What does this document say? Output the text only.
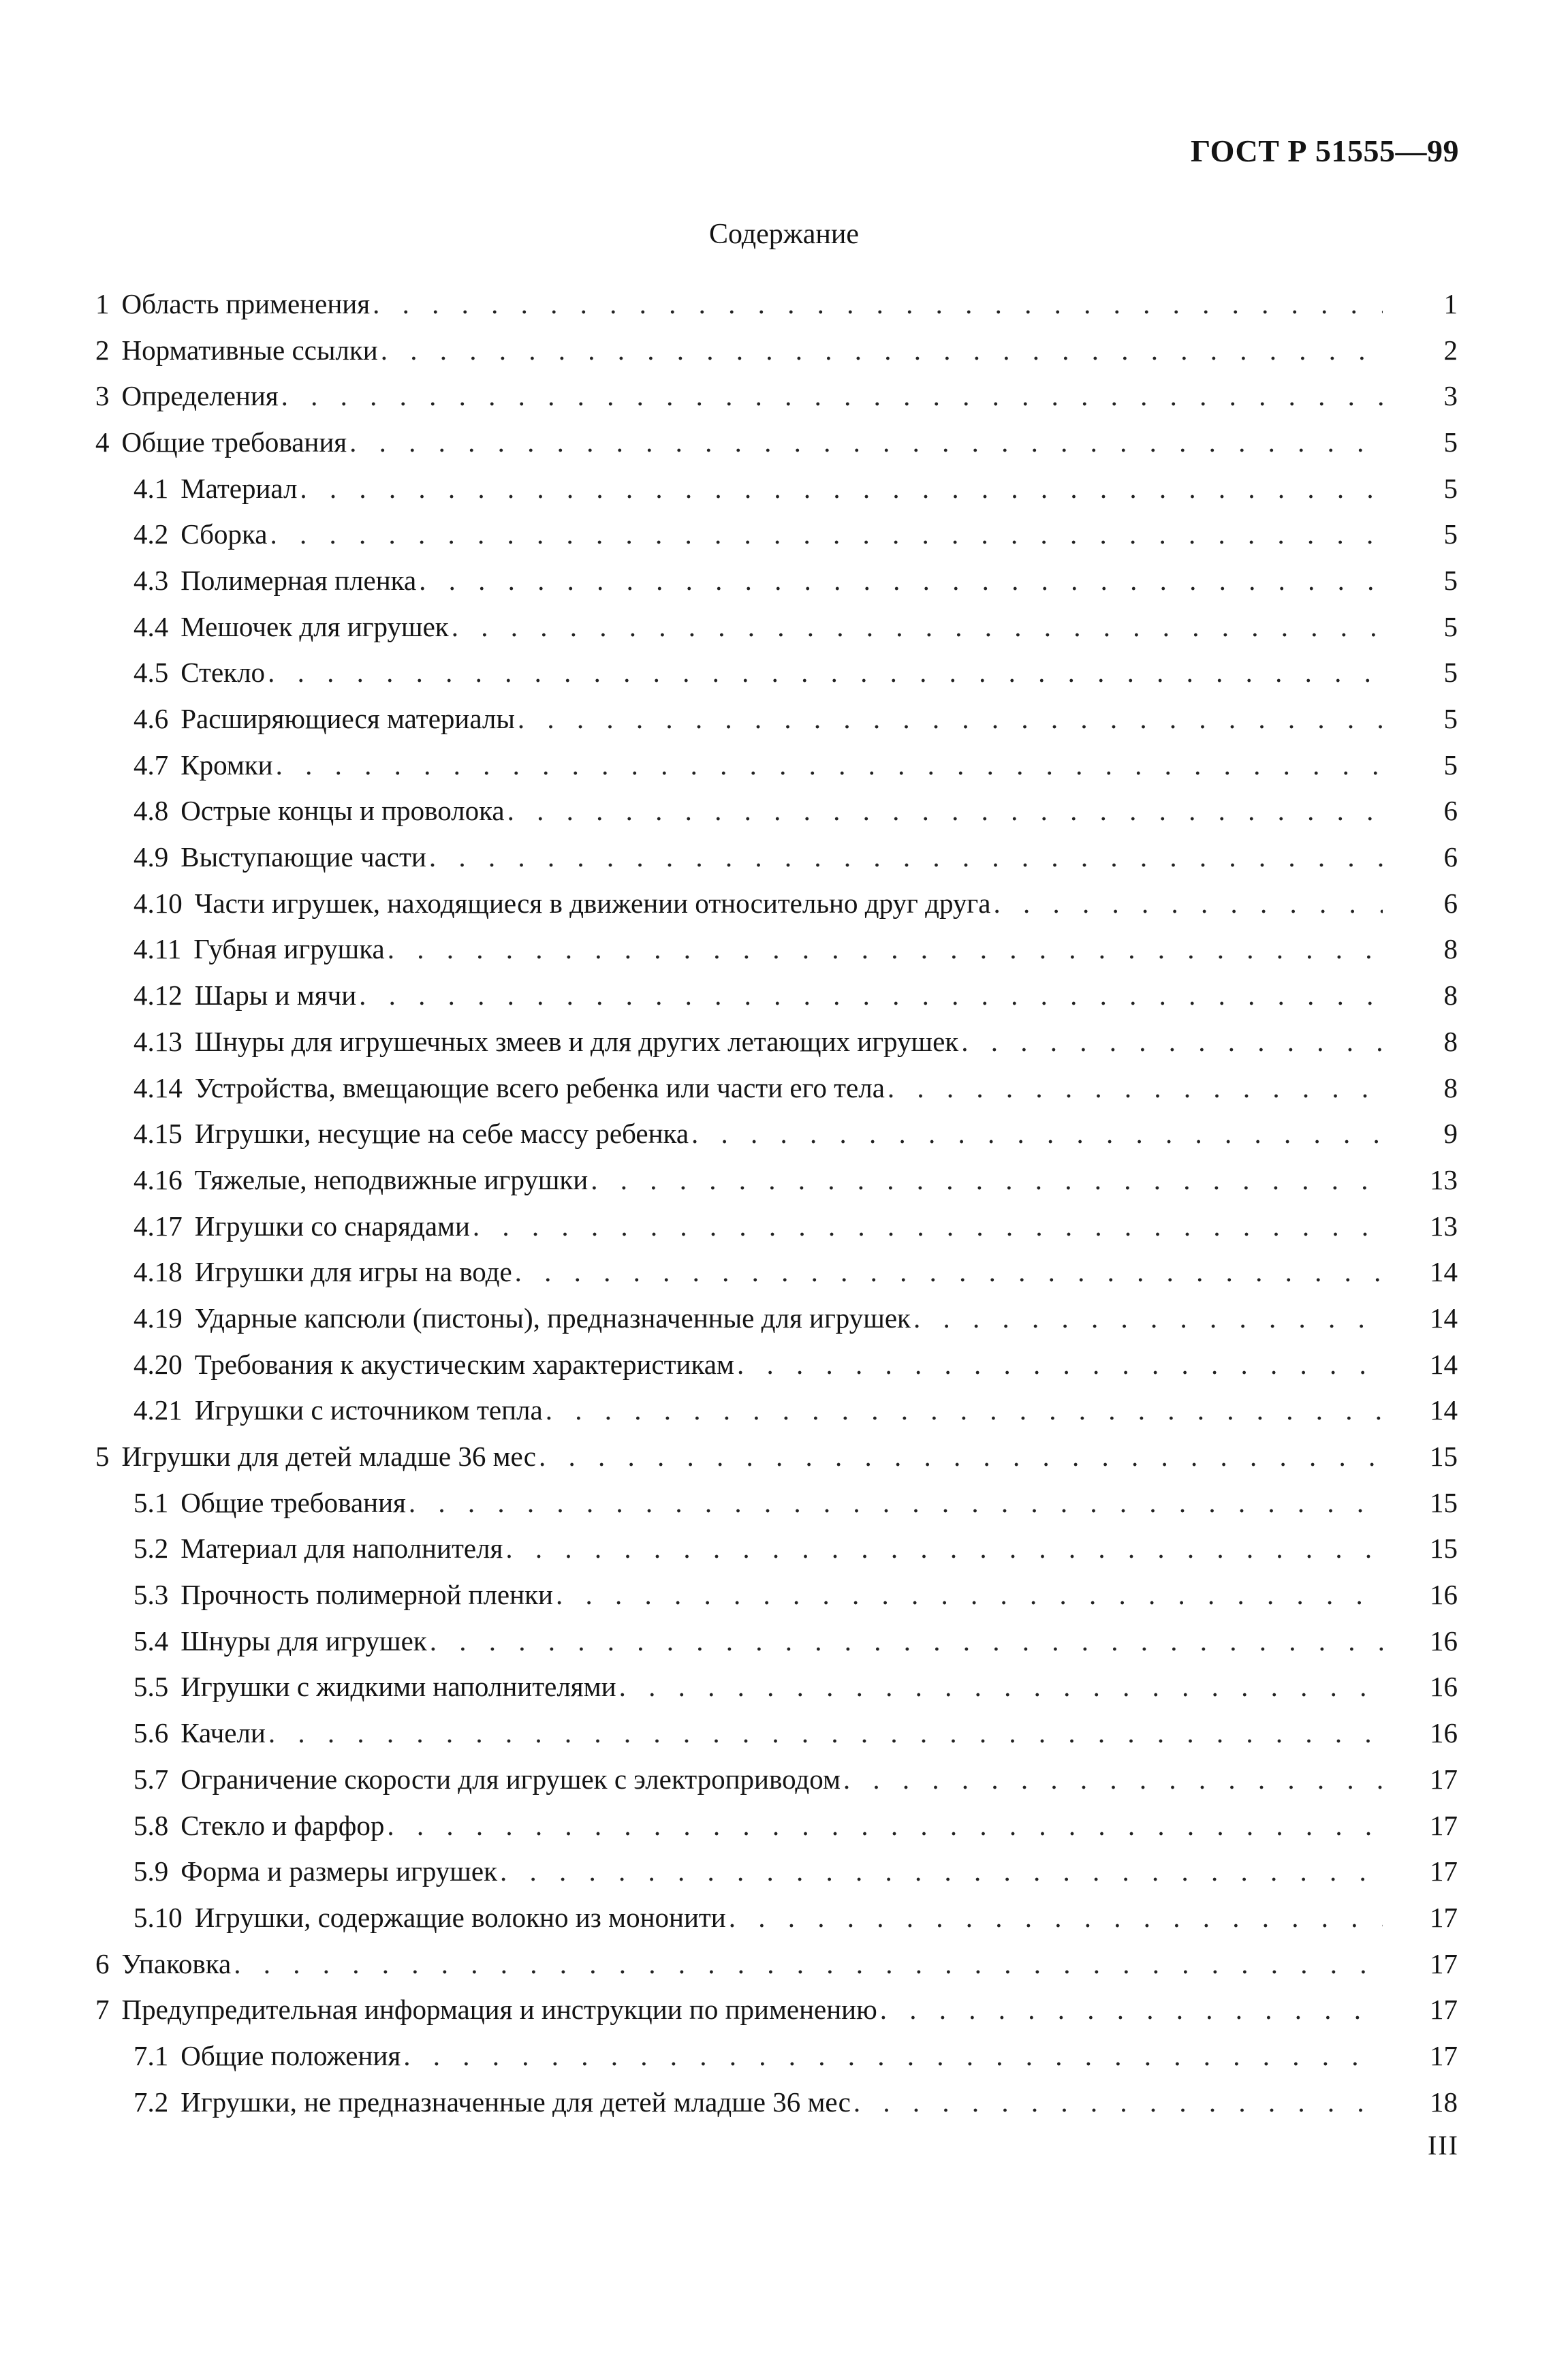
ГОСТ Р 51555—99
Содержание
1 Область применения . . .	1
2 Нормативные ссылки . . .	2
3 Определения . . .	3
4 Общие требования . . .	5
4.1 Материал . . .	5
4.2 Сборка . . .	5
4.3 Полимерная пленка . . .	5
4.4 Мешочек для игрушек . . .	5
4.5 Стекло . . .	5
4.6 Расширяющиеся материалы . . .	5
4.7 Кромки . . .	5
4.8 Острые концы и проволока . . .	6
4.9 Выступающие части . . .	6
4.10 Части игрушек, находящиеся в движении относительно друг друга . . .	6
4.11 Губная игрушка . . .	8
4.12 Шары и мячи . . .	8
4.13 Шнуры для игрушечных змеев и для других летающих игрушек . . .	8
4.14 Устройства, вмещающие всего ребенка или части его тела . . .	8
4.15 Игрушки, несущие на себе массу ребенка . . .	9
4.16 Тяжелые, неподвижные игрушки . . .	13
4.17 Игрушки со снарядами . . .	13
4.18 Игрушки для игры на воде . . .	14
4.19 Ударные капсюли (пистоны), предназначенные для игрушек . . .	14
4.20 Требования к акустическим характеристикам . . .	14
4.21 Игрушки с источником тепла . . .	14
5 Игрушки для детей младше 36 мес . . .	15
5.1 Общие требования . . .	15
5.2 Материал для наполнителя . . .	15
5.3 Прочность полимерной пленки . . .	16
5.4 Шнуры для игрушек . . .	16
5.5 Игрушки с жидкими наполнителями . . .	16
5.6 Качели . . .	16
5.7 Ограничение скорости для игрушек с электроприводом . . .	17
5.8 Стекло и фарфор . . .	17
5.9 Форма и размеры игрушек . . .	17
5.10 Игрушки, содержащие волокно из мононити . . .	17
6 Упаковка . . .	17
7 Предупредительная информация и инструкции по применению . . .	17
7.1 Общие положения . . .	17
7.2 Игрушки, не предназначенные для детей младше 36 мес . . .	18
III
